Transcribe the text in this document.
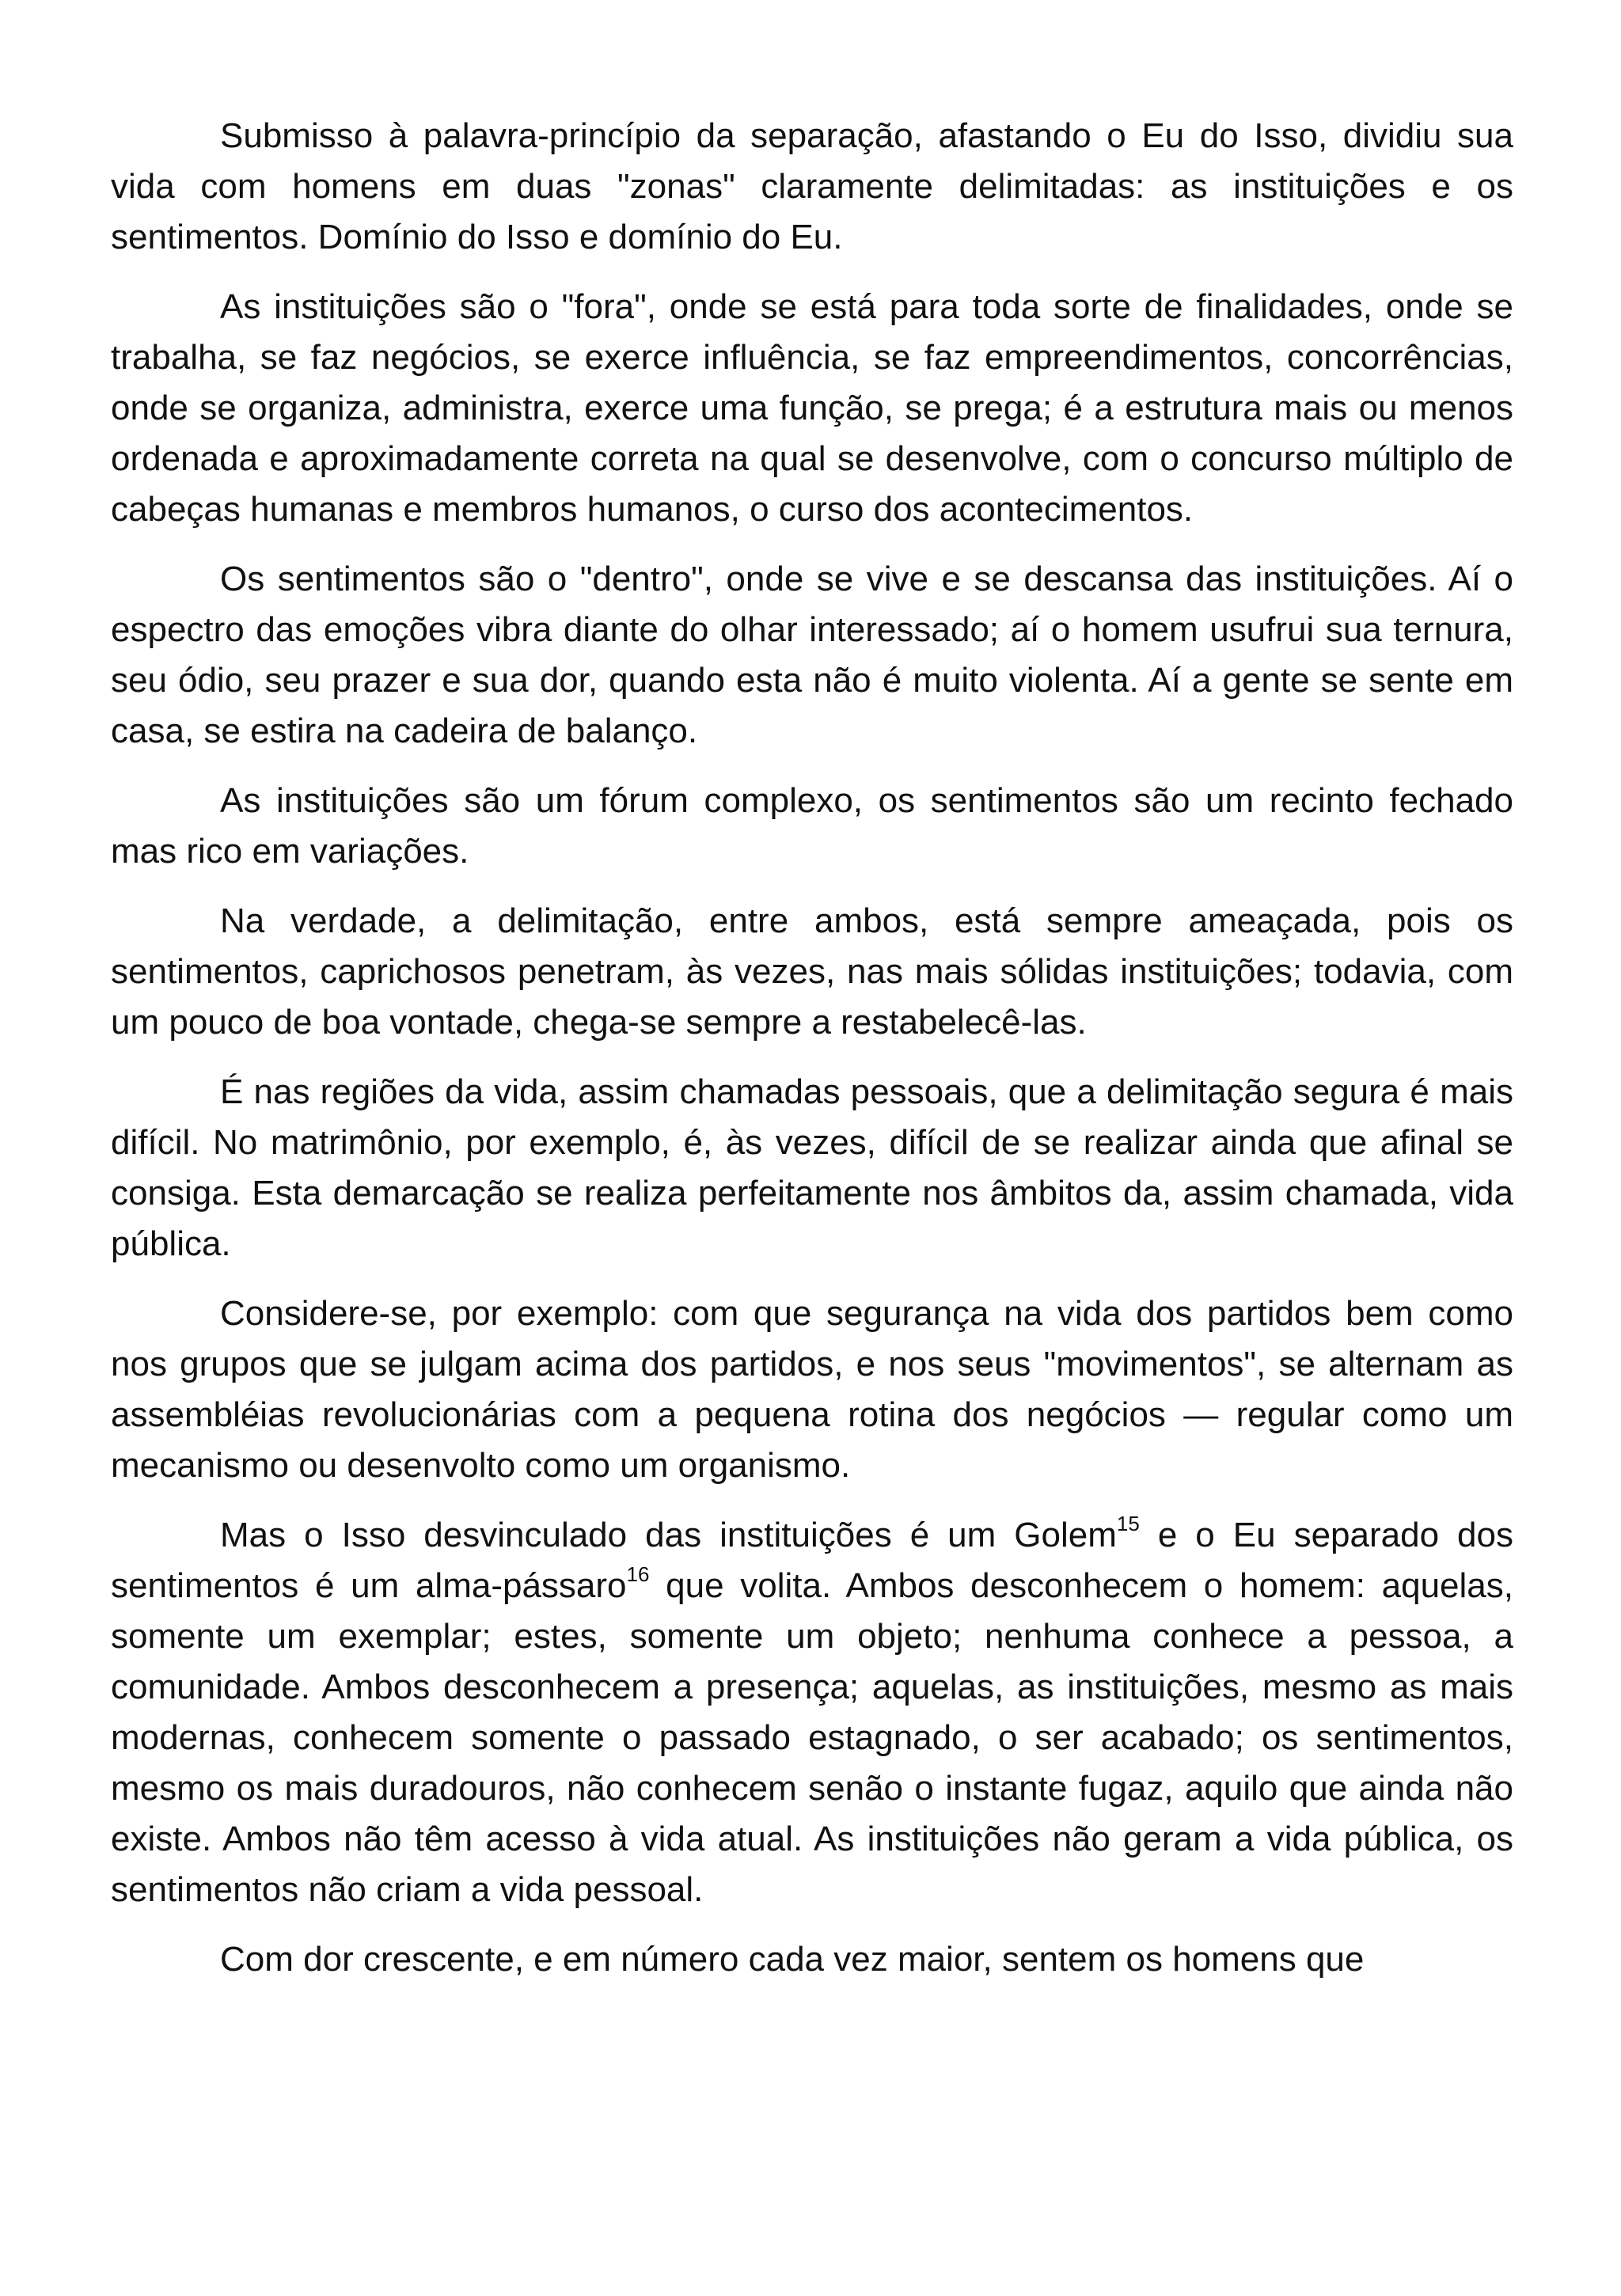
Submisso à palavra-princípio da separação, afastando o Eu do Isso, dividiu sua vida com homens em duas "zonas" claramente delimitadas: as instituições e os sentimentos. Domínio do Isso e domínio do Eu.

As instituições são o "fora", onde se está para toda sorte de finalidades, onde se trabalha, se faz negócios, se exerce influência, se faz empreendimentos, concorrências, onde se organiza, administra, exerce uma função, se prega; é a estrutura mais ou menos ordenada e aproximadamente correta na qual se desenvolve, com o concurso múltiplo de cabeças humanas e membros humanos, o curso dos acontecimentos.

Os sentimentos são o "dentro", onde se vive e se descansa das instituições. Aí o espectro das emoções vibra diante do olhar interessado; aí o homem usufrui sua ternura, seu ódio, seu prazer e sua dor, quando esta não é muito violenta. Aí a gente se sente em casa, se estira na cadeira de balanço.

As instituições são um fórum complexo, os sentimentos são um recinto fechado mas rico em variações.

Na verdade, a delimitação, entre ambos, está sempre ameaçada, pois os sentimentos, caprichosos penetram, às vezes, nas mais sólidas instituições; todavia, com um pouco de boa vontade, chega-se sempre a restabelecê-las.

É nas regiões da vida, assim chamadas pessoais, que a delimitação segura é mais difícil. No matrimônio, por exemplo, é, às vezes, difícil de se realizar ainda que afinal se consiga. Esta demarcação se realiza perfeitamente nos âmbitos da, assim chamada, vida pública.

Considere-se, por exemplo: com que segurança na vida dos partidos bem como nos grupos que se julgam acima dos partidos, e nos seus "movimentos", se alternam as assembléias revolucionárias com a pequena rotina dos negócios — regular como um mecanismo ou desenvolto como um organismo.

Mas o Isso desvinculado das instituições é um Golem$^{15}$ e o Eu separado dos sentimentos é um alma-pássaro$^{16}$ que volita. Ambos desconhecem o homem: aquelas, somente um exemplar; estes, somente um objeto; nenhuma conhece a pessoa, a comunidade. Ambos desconhecem a presença; aquelas, as instituições, mesmo as mais modernas, conhecem somente o passado estagnado, o ser acabado; os sentimentos, mesmo os mais duradouros, não conhecem senão o instante fugaz, aquilo que ainda não existe. Ambos não têm acesso à vida atual. As instituições não geram a vida pública, os sentimentos não criam a vida pessoal.

Com dor crescente, e em número cada vez maior, sentem os homens que
